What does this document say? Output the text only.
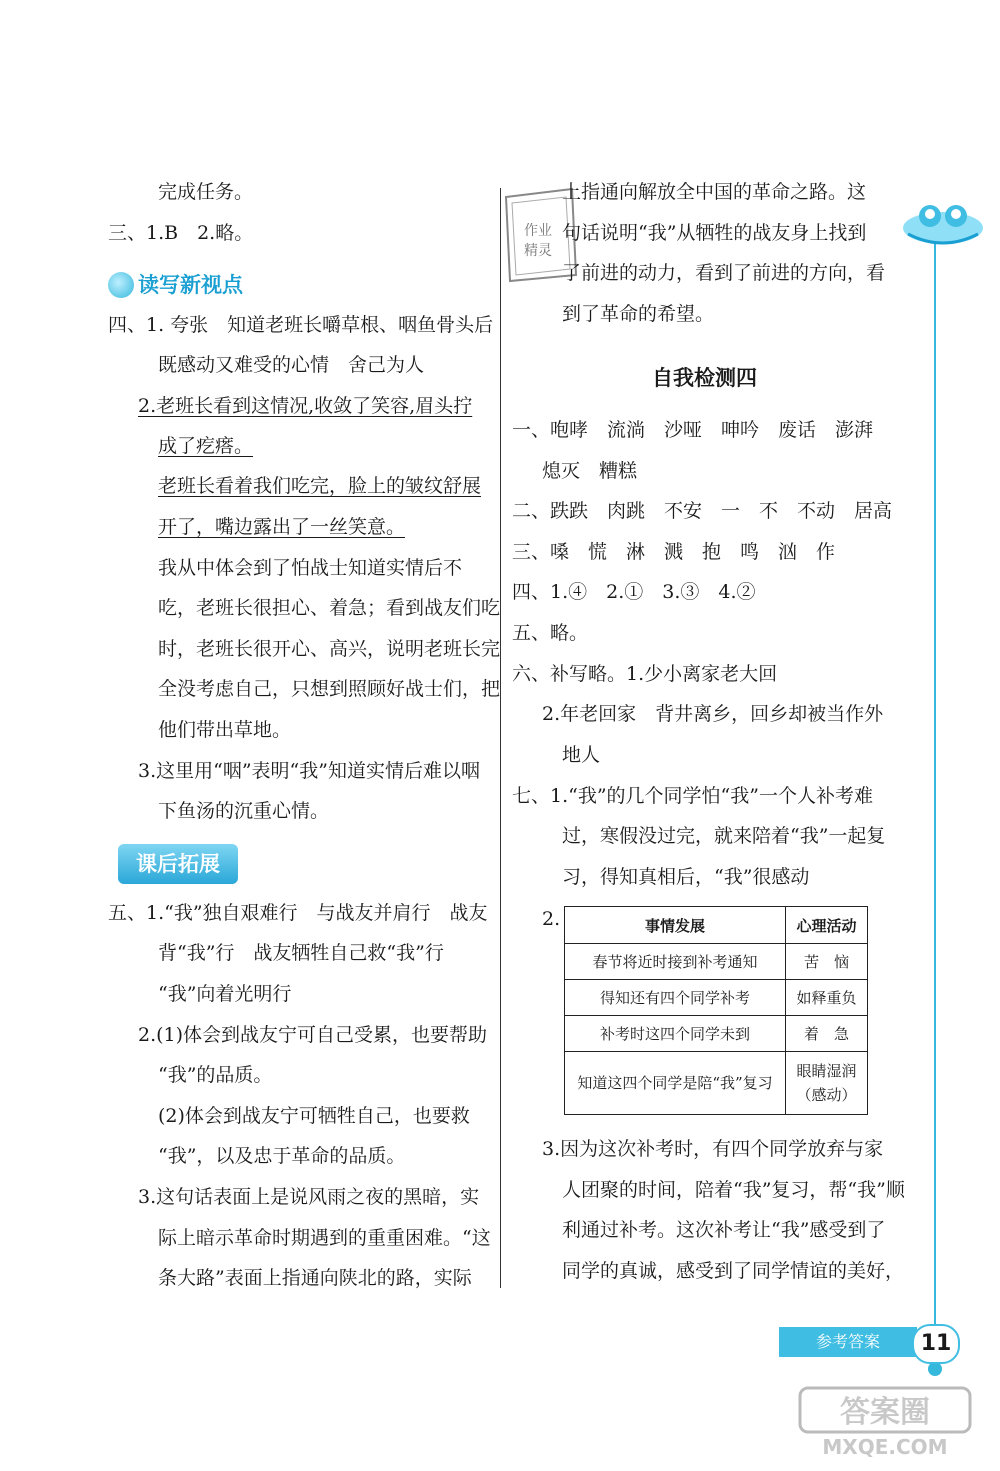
作业
精灵
完成任务。
三、1.B　2.略。
四、1. 夸张　知道老班长嚼草根、咽鱼骨头后
既感动又难受的心情　舍己为人
2.老班长看到这情况,收敛了笑容,眉头拧
成了疙瘩。
老班长看着我们吃完，脸上的皱纹舒展
开了，嘴边露出了一丝笑意。
我从中体会到了怕战士知道实情后不
吃，老班长很担心、着急；看到战友们吃
时，老班长很开心、高兴，说明老班长完
全没考虑自己，只想到照顾好战士们，把
他们带出草地。
3.这里用“咽”表明“我”知道实情后难以咽
下鱼汤的沉重心情。
五、1.“我”独自艰难行　与战友并肩行　战友
背“我”行　战友牺牲自己救“我”行
“我”向着光明行
2.(1)体会到战友宁可自己受累，也要帮助
“我”的品质。
(2)体会到战友宁可牺牲自己，也要救
“我”，以及忠于革命的品质。
3.这句话表面上是说风雨之夜的黑暗，实
际上暗示革命时期遇到的重重困难。“这
条大路”表面上指通向陕北的路，实际
读写新视点
课后拓展
上指通向解放全中国的革命之路。这
句话说明“我”从牺牲的战友身上找到
了前进的动力，看到了前进的方向，看
到了革命的希望。
一、咆哮　流淌　沙哑　呻吟　废话　澎湃
熄灭　糟糕
二、跌跌　肉跳　不安　一　不　不动　居高
三、嗓　慌　淋　溅　抱　鸣　汹　作
四、1.④　2.①　3.③　4.②
五、略。
六、补写略。1.少小离家老大回
2.年老回家　背井离乡，回乡却被当作外
地人
七、1.“我”的几个同学怕“我”一个人补考难
过，寒假没过完，就来陪着“我”一起复
习，得知真相后，“我”很感动
2.
3.因为这次补考时，有四个同学放弃与家
人团聚的时间，陪着“我”复习，帮“我”顺
利通过补考。这次补考让“我”感受到了
同学的真诚，感受到了同学情谊的美好，
自我检测四
事情发展	心理活动
春节将近时接到补考通知	苦　恼
得知还有四个同学补考	如释重负
补考时这四个同学未到	着　急
知道这四个同学是陪“我”复习	眼睛湿润
（感动）
参考答案	11
答案圈
MXQE.COM
